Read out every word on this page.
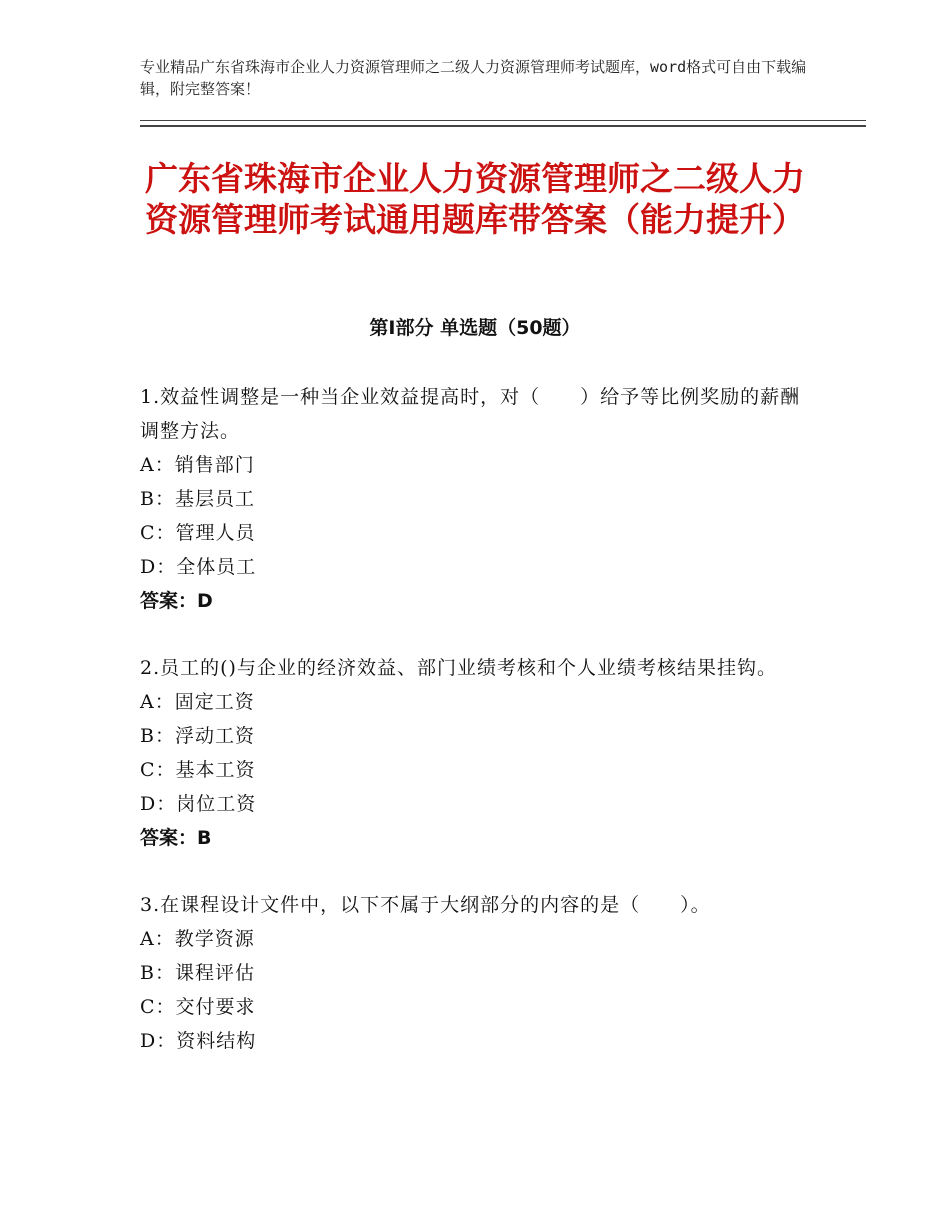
专业精品广东省珠海市企业人力资源管理师之二级人力资源管理师考试题库，word格式可自由下载编辑，附完整答案！
广东省珠海市企业人力资源管理师之二级人力资源管理师考试通用题库带答案（能力提升）
第Ⅰ部分 单选题（50题）

1.效益性调整是一种当企业效益提高时，对（　　）给予等比例奖励的薪酬调整方法。

A：销售部门

B：基层员工

C：管理人员

D：全体员工

答案：D

2.员工的()与企业的经济效益、部门业绩考核和个人业绩考核结果挂钩。

A：固定工资

B：浮动工资

C：基本工资

D：岗位工资

答案：B

3.在课程设计文件中，以下不属于大纲部分的内容的是（　　）。

A：教学资源

B：课程评估

C：交付要求

D：资料结构
